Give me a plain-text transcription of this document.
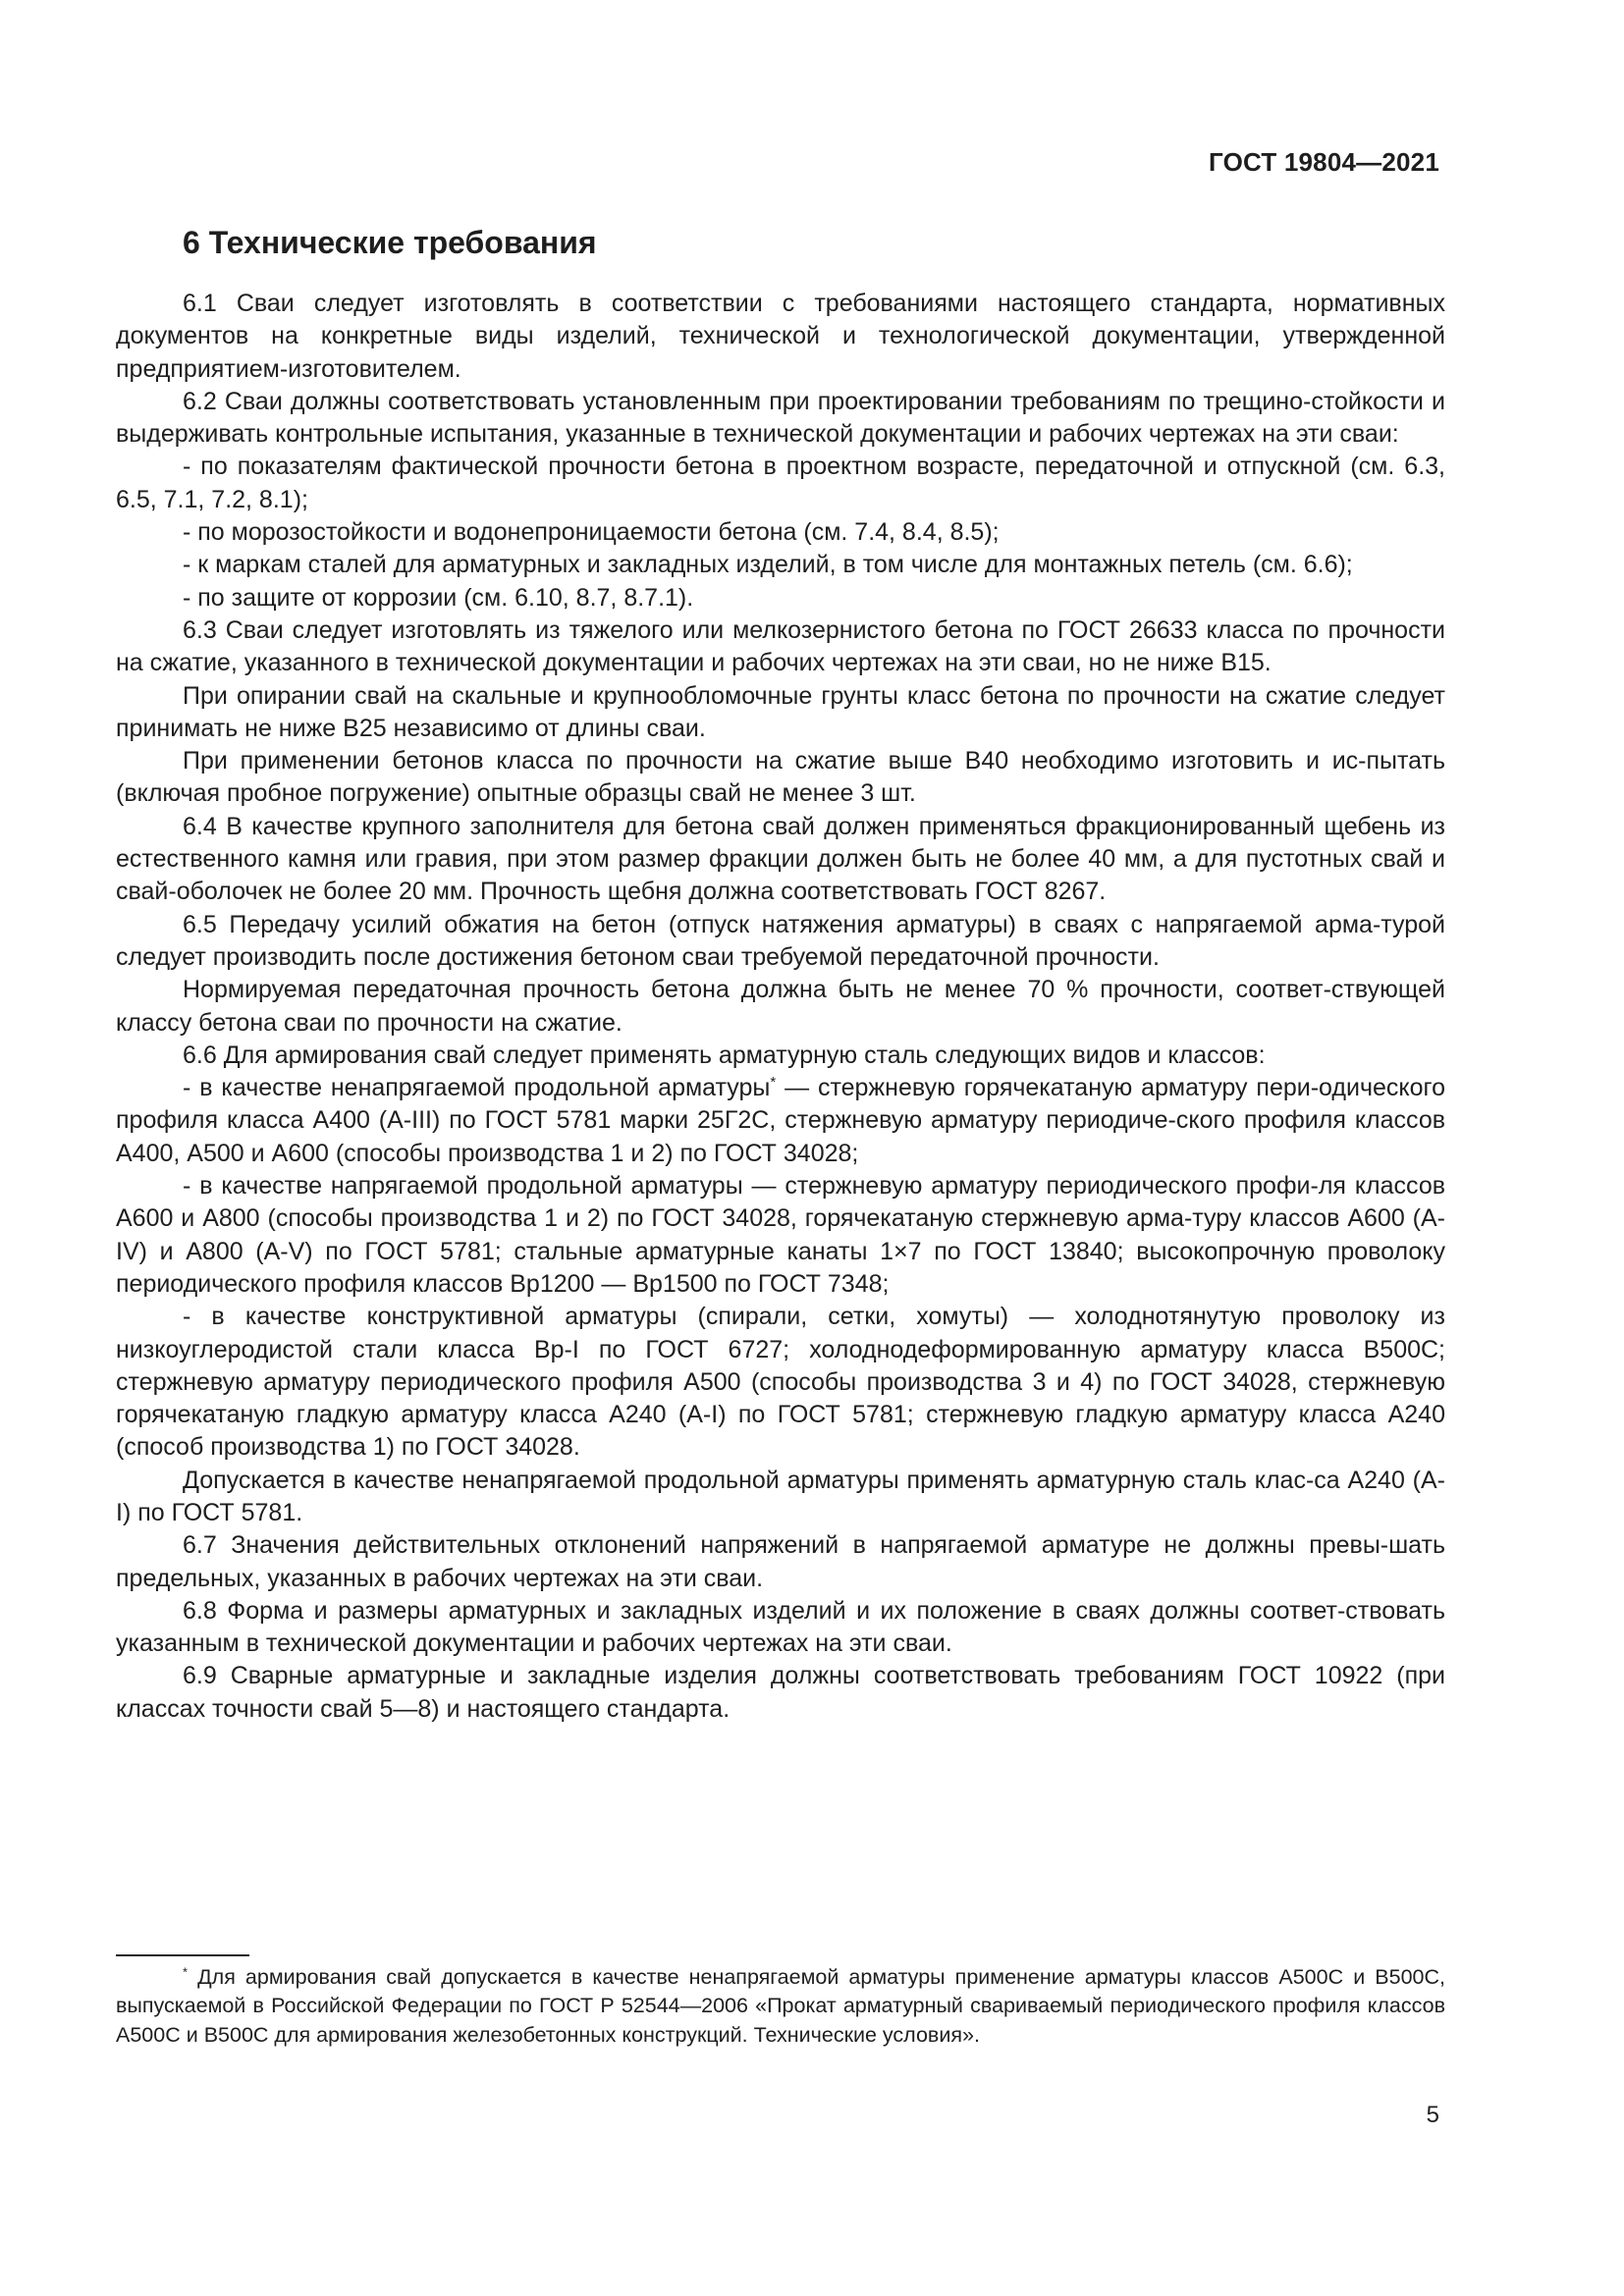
ГОСТ 19804—2021
6 Технические требования

6.1 Сваи следует изготовлять в соответствии с требованиями настоящего стандарта, нормативных документов на конкретные виды изделий, технической и технологической документации, утвержденной предприятием-изготовителем.

6.2 Сваи должны соответствовать установленным при проектировании требованиям по трещино-стойкости и выдерживать контрольные испытания, указанные в технической документации и рабочих чертежах на эти сваи:

- по показателям фактической прочности бетона в проектном возрасте, передаточной и отпускной (см. 6.3, 6.5, 7.1, 7.2, 8.1);

- по морозостойкости и водонепроницаемости бетона (см. 7.4, 8.4, 8.5);

- к маркам сталей для арматурных и закладных изделий, в том числе для монтажных петель (см. 6.6);

- по защите от коррозии (см. 6.10, 8.7, 8.7.1).

6.3 Сваи следует изготовлять из тяжелого или мелкозернистого бетона по ГОСТ 26633 класса по прочности на сжатие, указанного в технической документации и рабочих чертежах на эти сваи, но не ниже В15.

При опирании свай на скальные и крупнообломочные грунты класс бетона по прочности на сжатие следует принимать не ниже В25 независимо от длины сваи.

При применении бетонов класса по прочности на сжатие выше В40 необходимо изготовить и ис-пытать (включая пробное погружение) опытные образцы свай не менее 3 шт.

6.4 В качестве крупного заполнителя для бетона свай должен применяться фракционированный щебень из естественного камня или гравия, при этом размер фракции должен быть не более 40 мм, а для пустотных свай и свай-оболочек не более 20 мм. Прочность щебня должна соответствовать ГОСТ 8267.

6.5 Передачу усилий обжатия на бетон (отпуск натяжения арматуры) в сваях с напрягаемой арма-турой следует производить после достижения бетоном сваи требуемой передаточной прочности.

Нормируемая передаточная прочность бетона должна быть не менее 70 % прочности, соответ-ствующей классу бетона сваи по прочности на сжатие.

6.6 Для армирования свай следует применять арматурную сталь следующих видов и классов:

- в качестве ненапрягаемой продольной арматуры* — стержневую горячекатаную арматуру пери-одического профиля класса А400 (А-III) по ГОСТ 5781 марки 25Г2С, стержневую арматуру периодиче-ского профиля классов А400, А500 и А600 (способы производства 1 и 2) по ГОСТ 34028;

- в качестве напрягаемой продольной арматуры — стержневую арматуру периодического профи-ля классов А600 и А800 (способы производства 1 и 2) по ГОСТ 34028, горячекатаную стержневую арма-туру классов А600 (А-IV) и А800 (А-V) по ГОСТ 5781; стальные арматурные канаты 1×7 по ГОСТ 13840; высокопрочную проволоку периодического профиля классов Вр1200 — Вр1500 по ГОСТ 7348;

- в качестве конструктивной арматуры (спирали, сетки, хомуты) — холоднотянутую проволоку из низкоуглеродистой стали класса Вр-I по ГОСТ 6727; холоднодеформированную арматуру класса В500С; стержневую арматуру периодического профиля А500 (способы производства 3 и 4) по ГОСТ 34028, стержневую горячекатаную гладкую арматуру класса А240 (А-I) по ГОСТ 5781; стержневую гладкую арматуру класса А240 (способ производства 1) по ГОСТ 34028.

Допускается в качестве ненапрягаемой продольной арматуры применять арматурную сталь клас-са А240 (А-I) по ГОСТ 5781.

6.7 Значения действительных отклонений напряжений в напрягаемой арматуре не должны превы-шать предельных, указанных в рабочих чертежах на эти сваи.

6.8 Форма и размеры арматурных и закладных изделий и их положение в сваях должны соответ-ствовать указанным в технической документации и рабочих чертежах на эти сваи.

6.9 Сварные арматурные и закладные изделия должны соответствовать требованиям ГОСТ 10922 (при классах точности свай 5—8) и настоящего стандарта.

* Для армирования свай допускается в качестве ненапрягаемой арматуры применение арматуры классов А500С и В500С, выпускаемой в Российской Федерации по ГОСТ Р 52544—2006 «Прокат арматурный свариваемый периодического профиля классов А500С и В500С для армирования железобетонных конструкций. Технические условия».

5
